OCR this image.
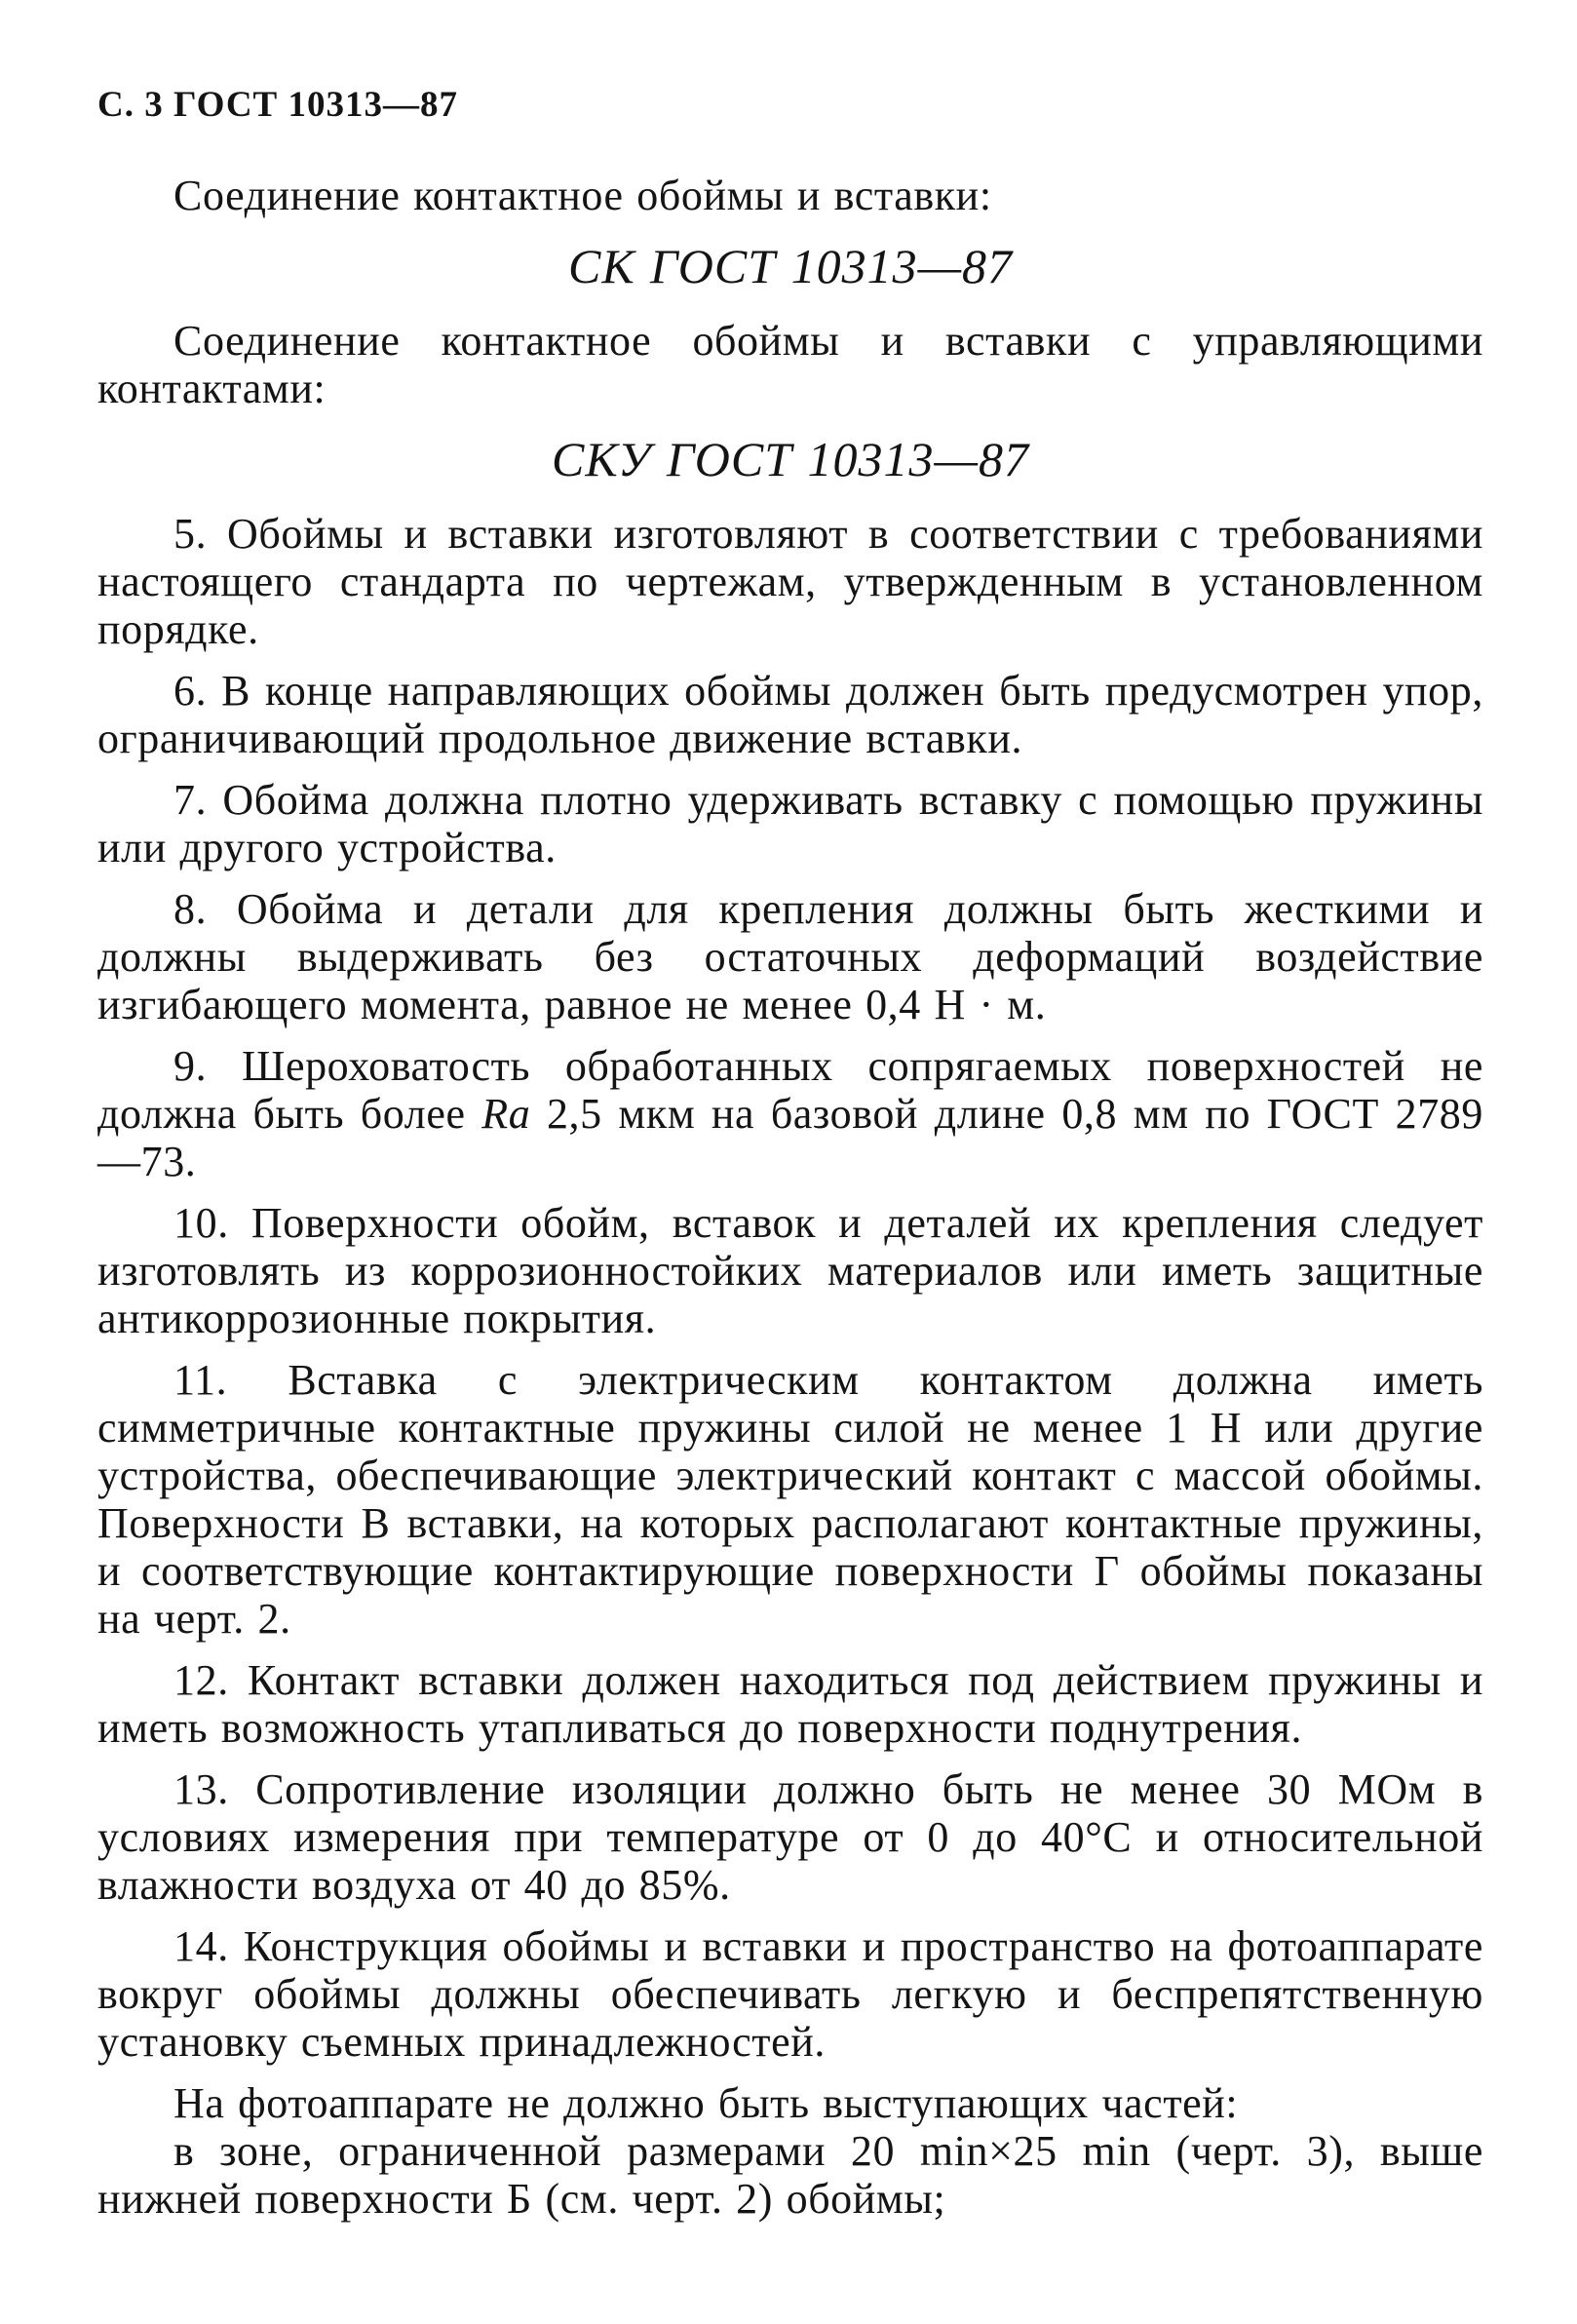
С. 3 ГОСТ 10313—87

Соединение контактное обоймы и вставки:

СК ГОСТ 10313—87

Соединение контактное обоймы и вставки с управляющими контактами:

СКУ ГОСТ 10313—87

5. Обоймы и вставки изготовляют в соответствии с требованиями настоящего стандарта по чертежам, утвержденным в установленном порядке.

6. В конце направляющих обоймы должен быть предусмотрен упор, ограничивающий продольное движение вставки.

7. Обойма должна плотно удерживать вставку с помощью пружины или другого устройства.

8. Обойма и детали для крепления должны быть жесткими и должны выдерживать без остаточных деформаций воздействие изгибающего момента, равное не менее 0,4 Н · м.

9. Шероховатость обработанных сопрягаемых поверхностей не должна быть более Ra 2,5 мкм на базовой длине 0,8 мм по ГОСТ 2789—73.

10. Поверхности обойм, вставок и деталей их крепления следует изготовлять из коррозионностойких материалов или иметь защитные антикоррозионные покрытия.

11. Вставка с электрическим контактом должна иметь симметричные контактные пружины силой не менее 1 Н или другие устройства, обеспечивающие электрический контакт с массой обоймы. Поверхности В вставки, на которых располагают контактные пружины, и соответствующие контактирующие поверхности Г обоймы показаны на черт. 2.

12. Контакт вставки должен находиться под действием пружины и иметь возможность утапливаться до поверхности поднутрения.

13. Сопротивление изоляции должно быть не менее 30 МОм в условиях измерения при температуре от 0 до 40°С и относительной влажности воздуха от 40 до 85%.

14. Конструкция обоймы и вставки и пространство на фотоаппарате вокруг обоймы должны обеспечивать легкую и беспрепятственную установку съемных принадлежностей.

На фотоаппарате не должно быть выступающих частей:

в зоне, ограниченной размерами 20 min×25 min (черт. 3), выше нижней поверхности Б (см. черт. 2) обоймы;
